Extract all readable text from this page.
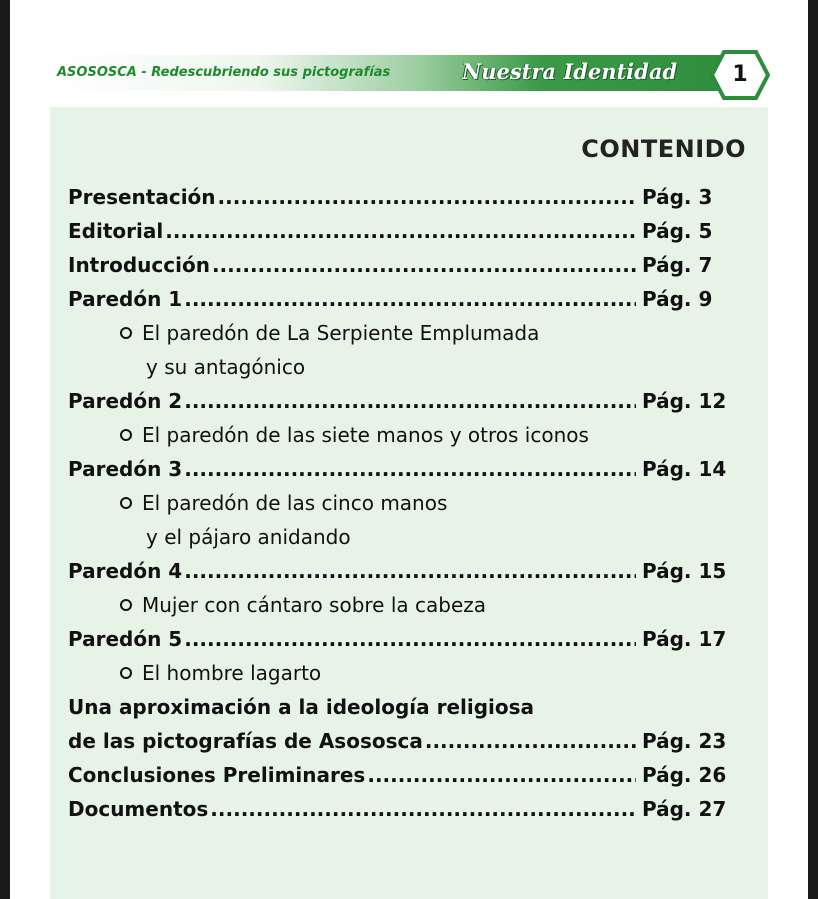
ASOSOSCA - Redescubriendo sus pictografías	Nuestra Identidad	1
CONTENIDO
Presentación .....	Pág. 3
Editorial .....	Pág. 5
Introducción .....	Pág. 7
Paredón 1 .....	Pág. 9
El paredón de La Serpiente Emplumada
y su antagónico
Paredón 2 .....	Pág. 12
El paredón de las siete manos y otros iconos
Paredón 3 .....	Pág. 14
El paredón de las cinco manos
y el pájaro anidando
Paredón 4 .....	Pág. 15
Mujer con cántaro sobre la cabeza
Paredón 5 .....	Pág. 17
El hombre lagarto
Una aproximación a la ideología religiosa
de las pictografías de Asososca .....	Pág. 23
Conclusiones Preliminares .....	Pág. 26
Documentos .....	Pág. 27
